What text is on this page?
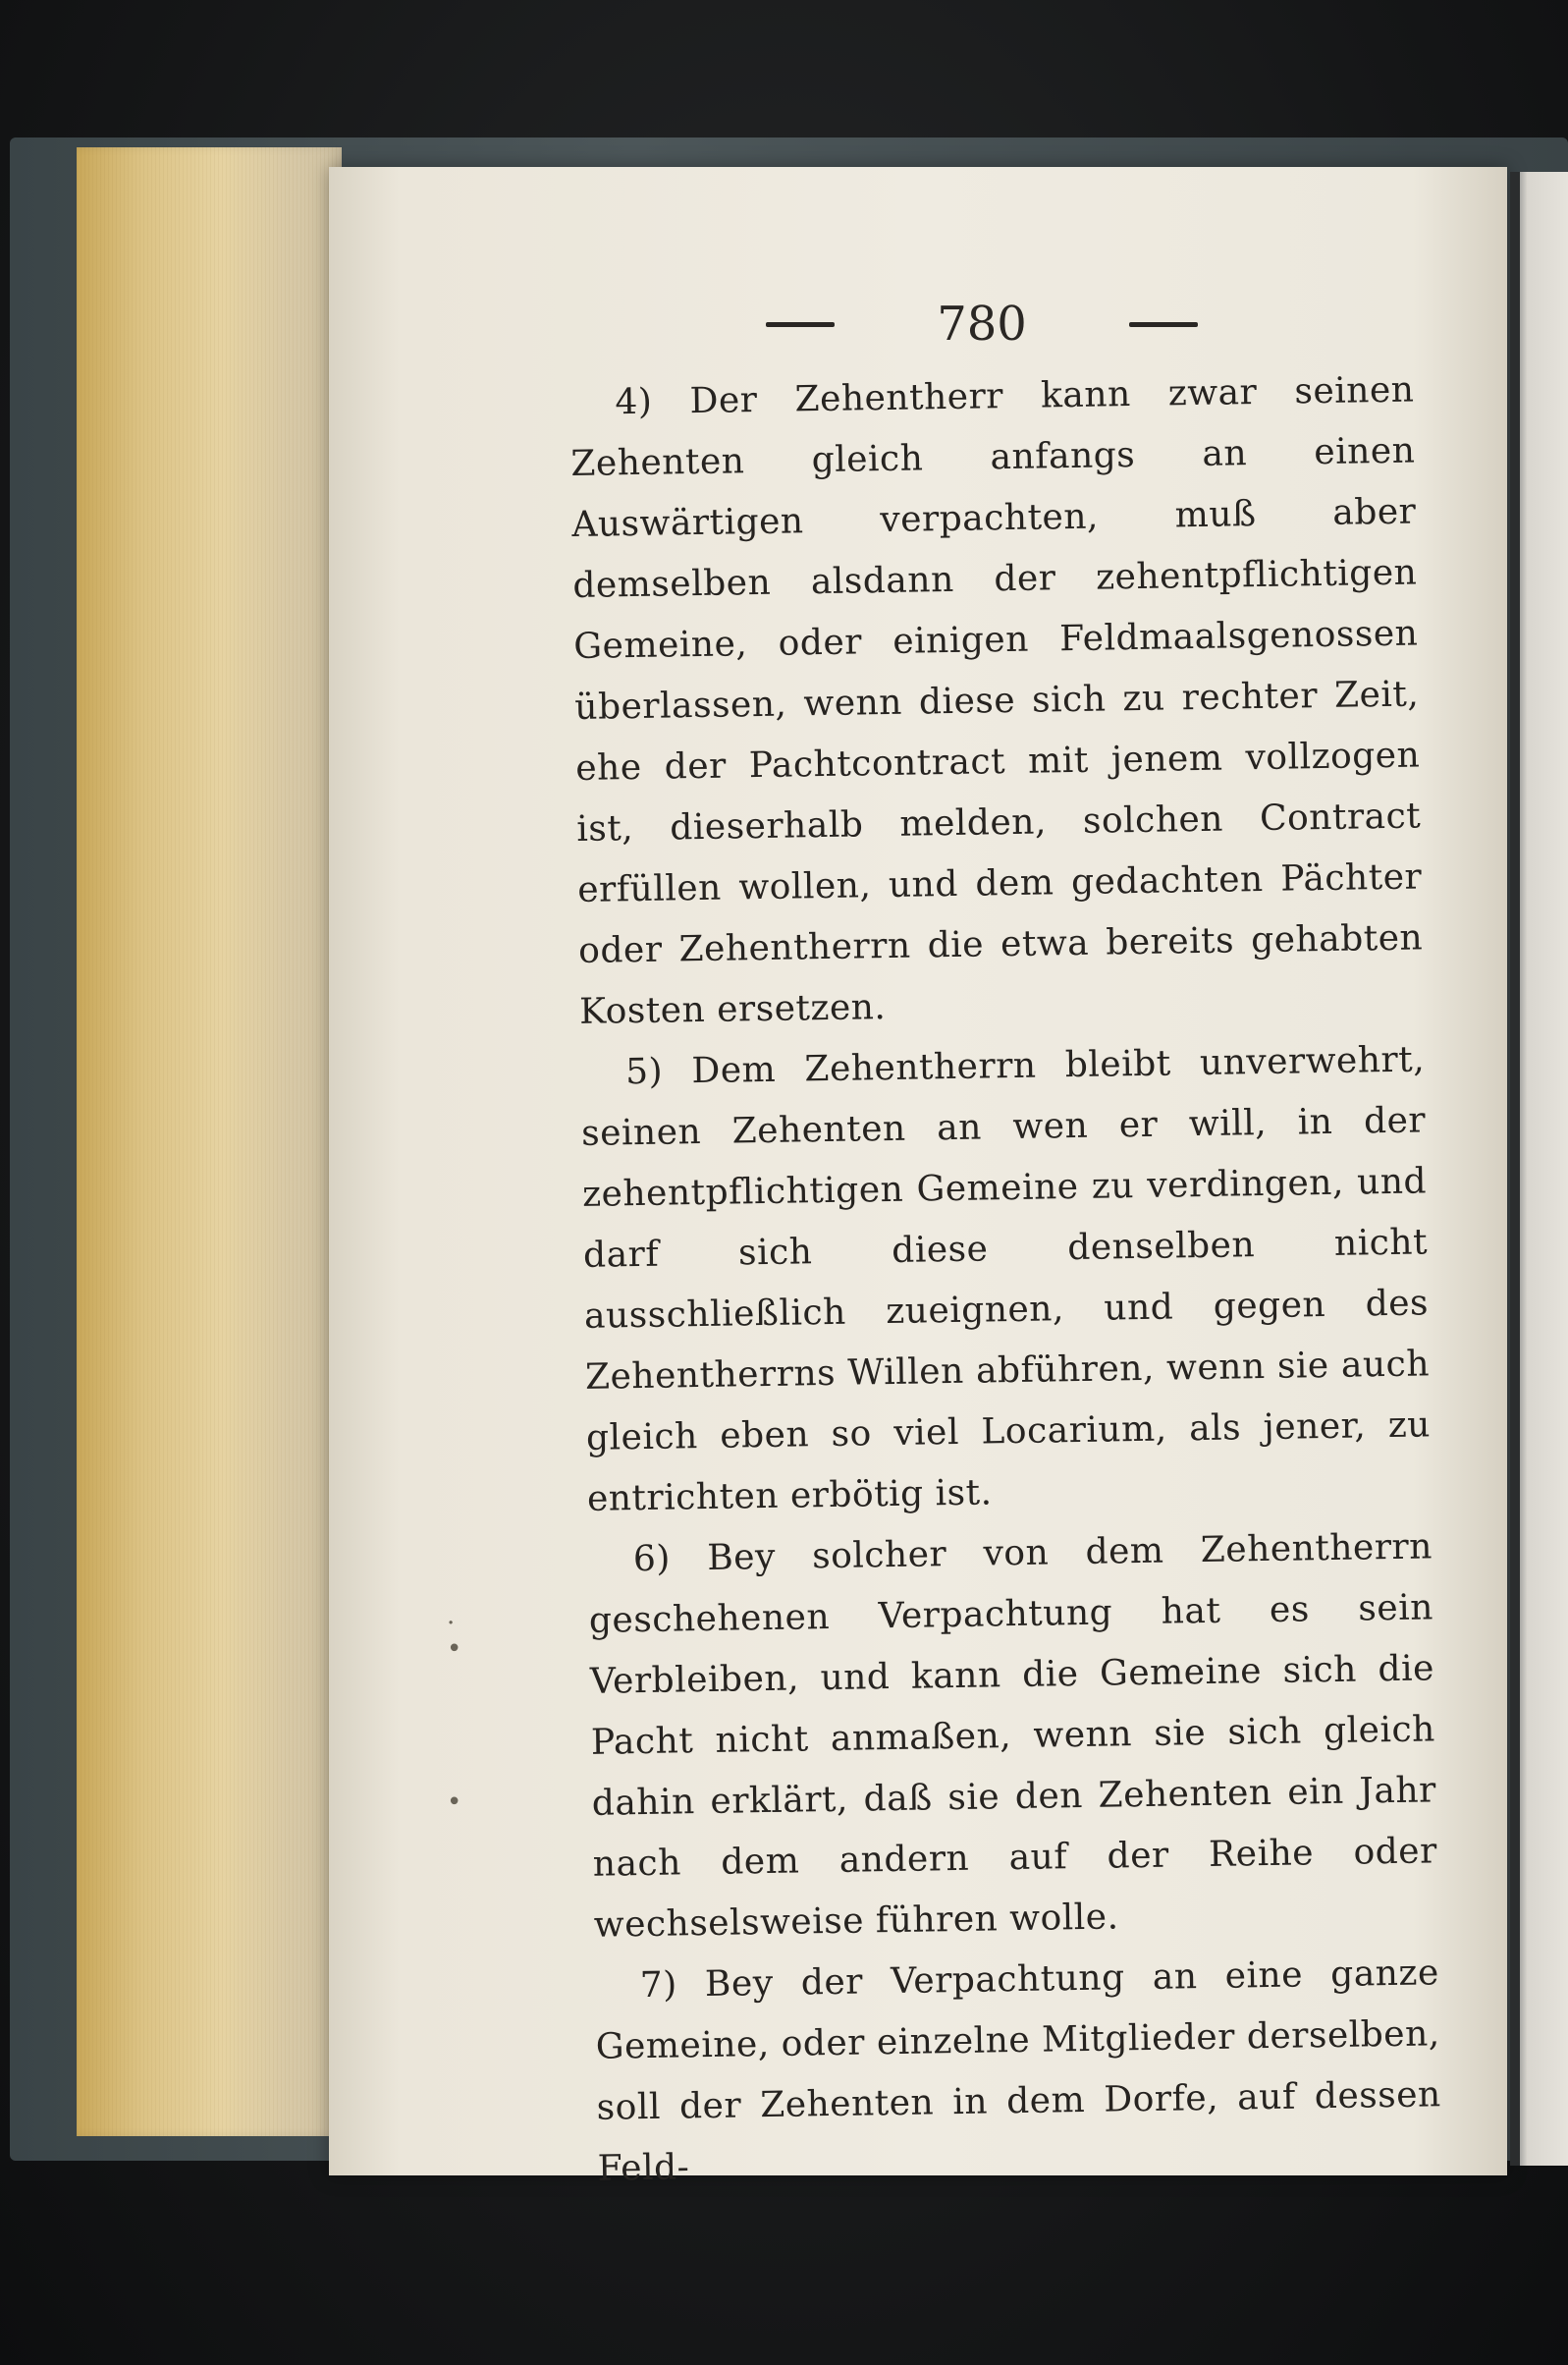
780

4) Der Zehentherr kann zwar seinen Zehenten gleich anfangs an einen Auswärtigen verpachten, muß aber demselben alsdann der zehentpflichtigen Gemeine, oder einigen Feldmaalsgenossen überlassen, wenn diese sich zu rechter Zeit, ehe der Pachtcontract mit jenem vollzogen ist, dieserhalb melden, solchen Contract erfüllen wollen, und dem gedachten Pächter oder Zehentherrn die etwa bereits gehabten Kosten ersetzen.

5) Dem Zehentherrn bleibt unverwehrt, seinen Zehenten an wen er will, in der zehentpflichtigen Gemeine zu verdingen, und darf sich diese denselben nicht ausschließlich zueignen, und gegen des Zehentherrns Willen abführen, wenn sie auch gleich eben so viel Locarium, als jener, zu entrichten erbötig ist.

6) Bey solcher von dem Zehentherrn geschehenen Verpachtung hat es sein Verbleiben, und kann die Gemeine sich die Pacht nicht anmaßen, wenn sie sich gleich dahin erklärt, daß sie den Zehenten ein Jahr nach dem andern auf der Reihe oder wechselsweise führen wolle.

7) Bey der Verpachtung an eine ganze Gemeine, oder einzelne Mitglieder derselben, soll der Zehenten in dem Dorfe, auf dessen Feld-

·
•

•
